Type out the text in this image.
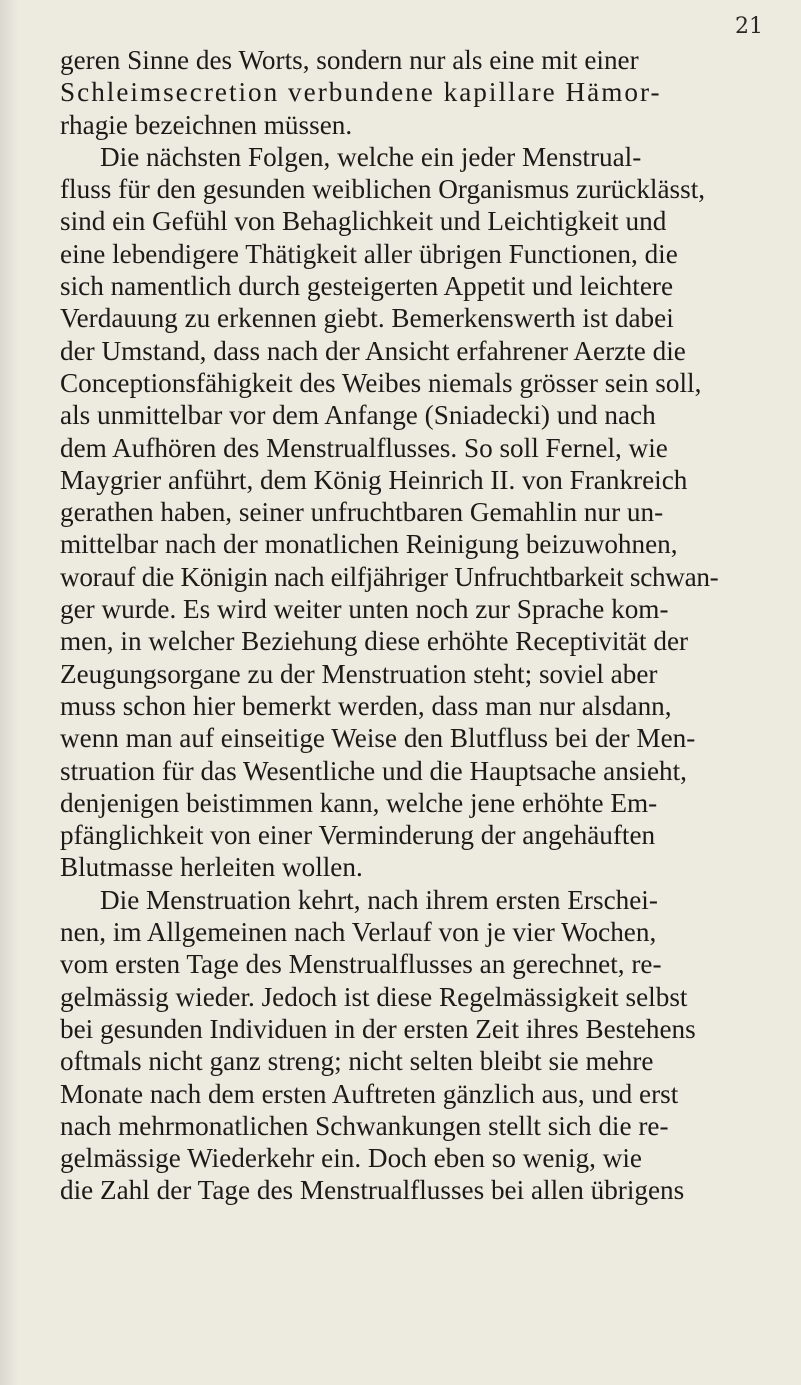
21
geren Sinne des Worts, sondern nur als eine mit einer
Schleimsecretion verbundene kapillare Hämor-
rhagie bezeichnen müssen.
Die nächsten Folgen, welche ein jeder Menstrual-
fluss für den gesunden weiblichen Organismus zurücklässt,
sind ein Gefühl von Behaglichkeit und Leichtigkeit und
eine lebendigere Thätigkeit aller übrigen Functionen, die
sich namentlich durch gesteigerten Appetit und leichtere
Verdauung zu erkennen giebt. Bemerkenswerth ist dabei
der Umstand, dass nach der Ansicht erfahrener Aerzte die
Conceptionsfähigkeit des Weibes niemals grösser sein soll,
als unmittelbar vor dem Anfange (Sniadecki) und nach
dem Aufhören des Menstrualflusses. So soll Fernel, wie
Maygrier anführt, dem König Heinrich II. von Frankreich
gerathen haben, seiner unfruchtbaren Gemahlin nur un-
mittelbar nach der monatlichen Reinigung beizuwohnen,
worauf die Königin nach eilfjähriger Unfruchtbarkeit schwan-
ger wurde. Es wird weiter unten noch zur Sprache kom-
men, in welcher Beziehung diese erhöhte Receptivität der
Zeugungsorgane zu der Menstruation steht; soviel aber
muss schon hier bemerkt werden, dass man nur alsdann,
wenn man auf einseitige Weise den Blutfluss bei der Men-
struation für das Wesentliche und die Hauptsache ansieht,
denjenigen beistimmen kann, welche jene erhöhte Em-
pfänglichkeit von einer Verminderung der angehäuften
Blutmasse herleiten wollen.
Die Menstruation kehrt, nach ihrem ersten Erschei-
nen, im Allgemeinen nach Verlauf von je vier Wochen,
vom ersten Tage des Menstrualflusses an gerechnet, re-
gelmässig wieder. Jedoch ist diese Regelmässigkeit selbst
bei gesunden Individuen in der ersten Zeit ihres Bestehens
oftmals nicht ganz streng; nicht selten bleibt sie mehre
Monate nach dem ersten Auftreten gänzlich aus, und erst
nach mehrmonatlichen Schwankungen stellt sich die re-
gelmässige Wiederkehr ein. Doch eben so wenig, wie
die Zahl der Tage des Menstrualflusses bei allen übrigens
